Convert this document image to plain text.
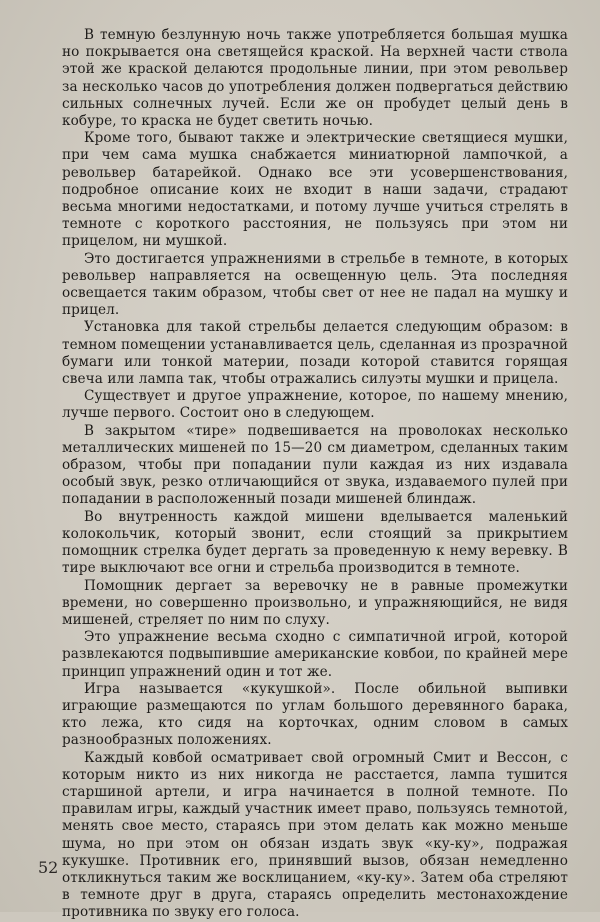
В темную безлунную ночь также употребляется большая мушка но покрывается она светящейся краской. На верхней части ствола этой же краской делаются продольные линии, при этом револьвер за несколько часов до употребления должен подвергаться действию сильных солнечных лучей. Если же он пробудет целый день в кобуре, то краска не будет светить ночью.

Кроме того, бывают также и электрические светящиеся мушки, при чем сама мушка снабжается миниатюрной лампочкой, а револьвер батарейкой. Однако все эти усовершенствования, подробное описание коих не входит в наши задачи, страдают весьма многими недостатками, и потому лучше учиться стрелять в темноте с короткого расстояния, не пользуясь при этом ни прицелом, ни мушкой.

Это достигается упражнениями в стрельбе в темноте, в которых револьвер направляется на освещенную цель. Эта последняя освещается таким образом, чтобы свет от нее не падал на мушку и прицел.

Установка для такой стрельбы делается следующим образом: в темном помещении устанавливается цель, сделанная из прозрачной бумаги или тонкой материи, позади которой ставится горящая свеча или лампа так, чтобы отражались силуэты мушки и прицела.

Существует и другое упражнение, которое, по нашему мнению, лучше первого. Состоит оно в следующем.

В закрытом «тире» подвешивается на проволоках несколько металлических мишеней по 15—20 см диаметром, сделанных таким образом, чтобы при попадании пули каждая из них издавала особый звук, резко отличающийся от звука, издаваемого пулей при попадании в расположенный позади мишеней блиндаж.

Во внутренность каждой мишени вделывается маленький колокольчик, который звонит, если стоящий за прикрытием помощник стрелка будет дергать за проведенную к нему веревку. В тире выключают все огни и стрельба производится в темноте.

Помощник дергает за веревочку не в равные промежутки времени, но совершенно произвольно, и упражняющийся, не видя мишеней, стреляет по ним по слуху.

Это упражнение весьма сходно с симпатичной игрой, которой развлекаются подвыпившие американские ковбои, по крайней мере принцип упражнений один и тот же.

Игра называется «кукушкой». После обильной выпивки играющие размещаются по углам большого деревянного барака, кто лежа, кто сидя на корточках, одним словом в самых разнообразных положениях.

Каждый ковбой осматривает свой огромный Смит и Вессон, с которым никто из них никогда не расстается, лампа тушится старшиной артели, и игра начинается в полной темноте. По правилам игры, каждый участник имеет право, пользуясь темнотой, менять свое место, стараясь при этом делать как можно меньше шума, но при этом он обязан издать звук «ку-ку», подражая кукушке. Противник его, принявший вызов, обязан немедленно откликнуться таким же восклицанием, «ку-ку». Затем оба стреляют в темноте друг в друга, стараясь определить местонахождение противника по звуку его голоса.

52
